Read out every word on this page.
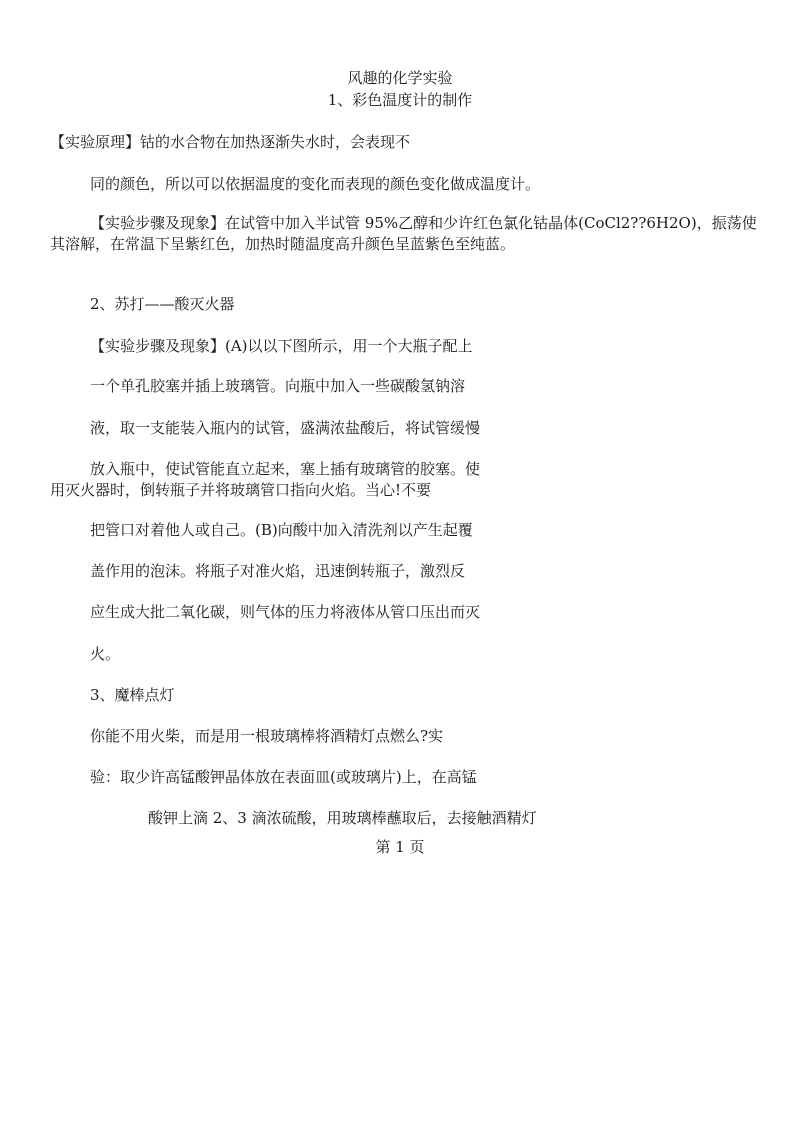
风趣的化学实验

1、彩色温度计的制作

【实验原理】钴的水合物在加热逐渐失水时，会表现不

同的颜色，所以可以依据温度的变化而表现的颜色变化做成温度计。

【实验步骤及现象】在试管中加入半试管 95%乙醇和少许红色氯化钴晶体(CoCl2??6H2O)，振荡使

其溶解，在常温下呈紫红色，加热时随温度高升颜色呈蓝紫色至纯蓝。

2、苏打——酸灭火器

【实验步骤及现象】(A)以以下图所示，用一个大瓶子配上

一个单孔胶塞并插上玻璃管。向瓶中加入一些碳酸氢钠溶

液，取一支能装入瓶内的试管，盛满浓盐酸后，将试管缓慢

放入瓶中，使试管能直立起来，塞上插有玻璃管的胶塞。使

用灭火器时，倒转瓶子并将玻璃管口指向火焰。当心!不要

把管口对着他人或自己。(B)向酸中加入清洗剂以产生起覆

盖作用的泡沫。将瓶子对准火焰，迅速倒转瓶子，激烈反

应生成大批二氧化碳，则气体的压力将液体从管口压出而灭

火。

3、魔棒点灯

你能不用火柴，而是用一根玻璃棒将酒精灯点燃么?实

验：取少许高锰酸钾晶体放在表面皿(或玻璃片)上，在高锰

酸钾上滴 2、3 滴浓硫酸，用玻璃棒蘸取后，去接触酒精灯

第 1 页
